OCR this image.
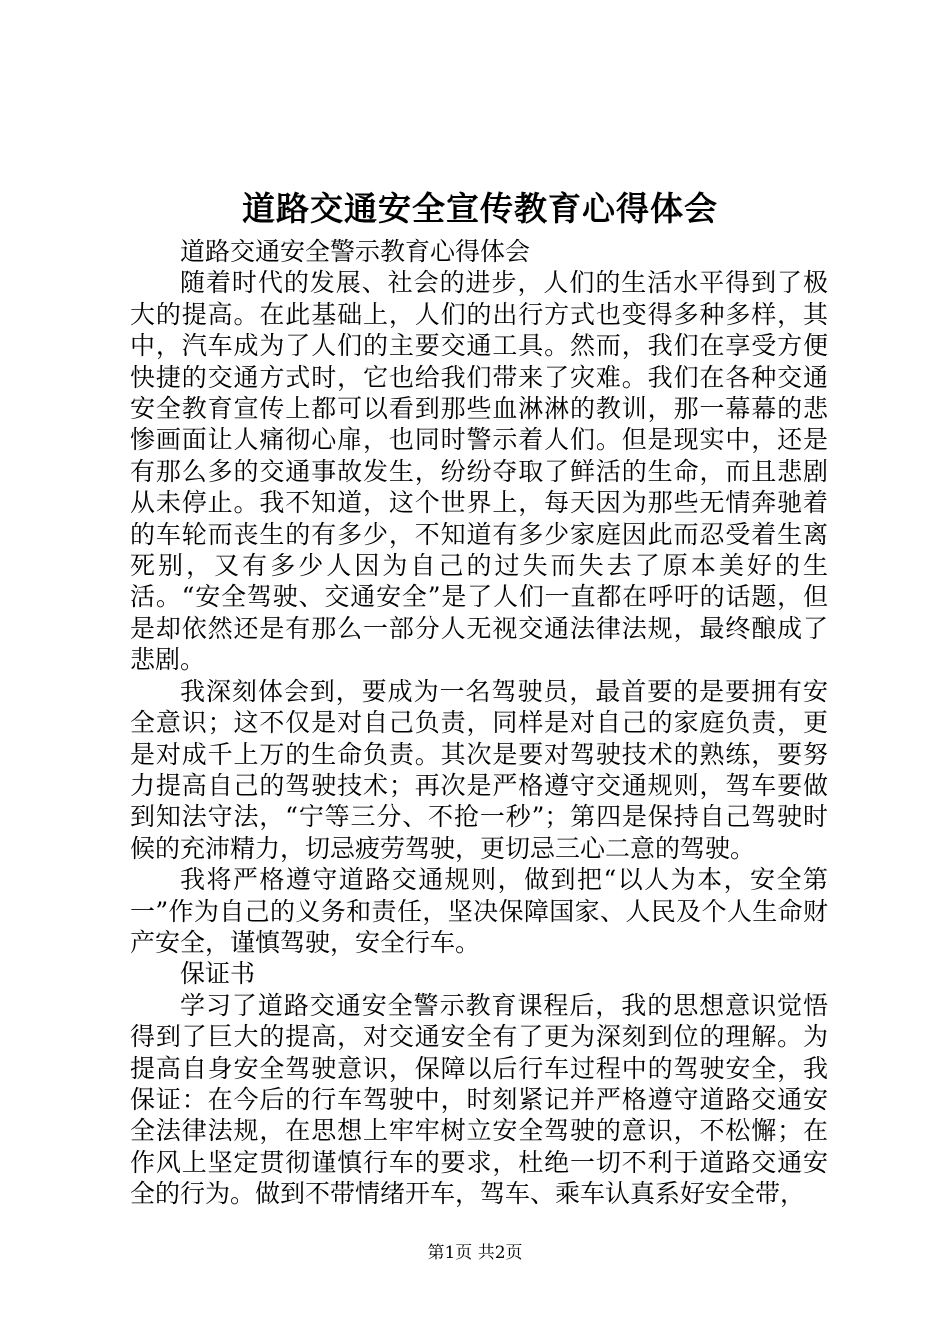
道路交通安全宣传教育心得体会

道路交通安全警示教育心得体会

随着时代的发展、社会的进步，人们的生活水平得到了极大的提高。在此基础上，人们的出行方式也变得多种多样，其中，汽车成为了人们的主要交通工具。然而，我们在享受方便快捷的交通方式时，它也给我们带来了灾难。我们在各种交通安全教育宣传上都可以看到那些血淋淋的教训，那一幕幕的悲惨画面让人痛彻心扉，也同时警示着人们。但是现实中，还是有那么多的交通事故发生，纷纷夺取了鲜活的生命，而且悲剧从未停止。我不知道，这个世界上，每天因为那些无情奔驰着的车轮而丧生的有多少，不知道有多少家庭因此而忍受着生离死别，又有多少人因为自己的过失而失去了原本美好的生活。“安全驾驶、交通安全”是了人们一直都在呼吁的话题，但是却依然还是有那么一部分人无视交通法律法规，最终酿成了悲剧。

我深刻体会到，要成为一名驾驶员，最首要的是要拥有安全意识；这不仅是对自己负责，同样是对自己的家庭负责，更是对成千上万的生命负责。其次是要对驾驶技术的熟练，要努力提高自己的驾驶技术；再次是严格遵守交通规则，驾车要做到知法守法，“宁等三分、不抢一秒”；第四是保持自己驾驶时候的充沛精力，切忌疲劳驾驶，更切忌三心二意的驾驶。

我将严格遵守道路交通规则，做到把“以人为本，安全第一”作为自己的义务和责任，坚决保障国家、人民及个人生命财产安全，谨慎驾驶，安全行车。

保证书

学习了道路交通安全警示教育课程后，我的思想意识觉悟得到了巨大的提高，对交通安全有了更为深刻到位的理解。为提高自身安全驾驶意识，保障以后行车过程中的驾驶安全，我保证：在今后的行车驾驶中，时刻紧记并严格遵守道路交通安全法律法规，在思想上牢牢树立安全驾驶的意识，不松懈；在作风上坚定贯彻谨慎行车的要求，杜绝一切不利于道路交通安全的行为。做到不带情绪开车，驾车、乘车认真系好安全带，

第1页 共2页
